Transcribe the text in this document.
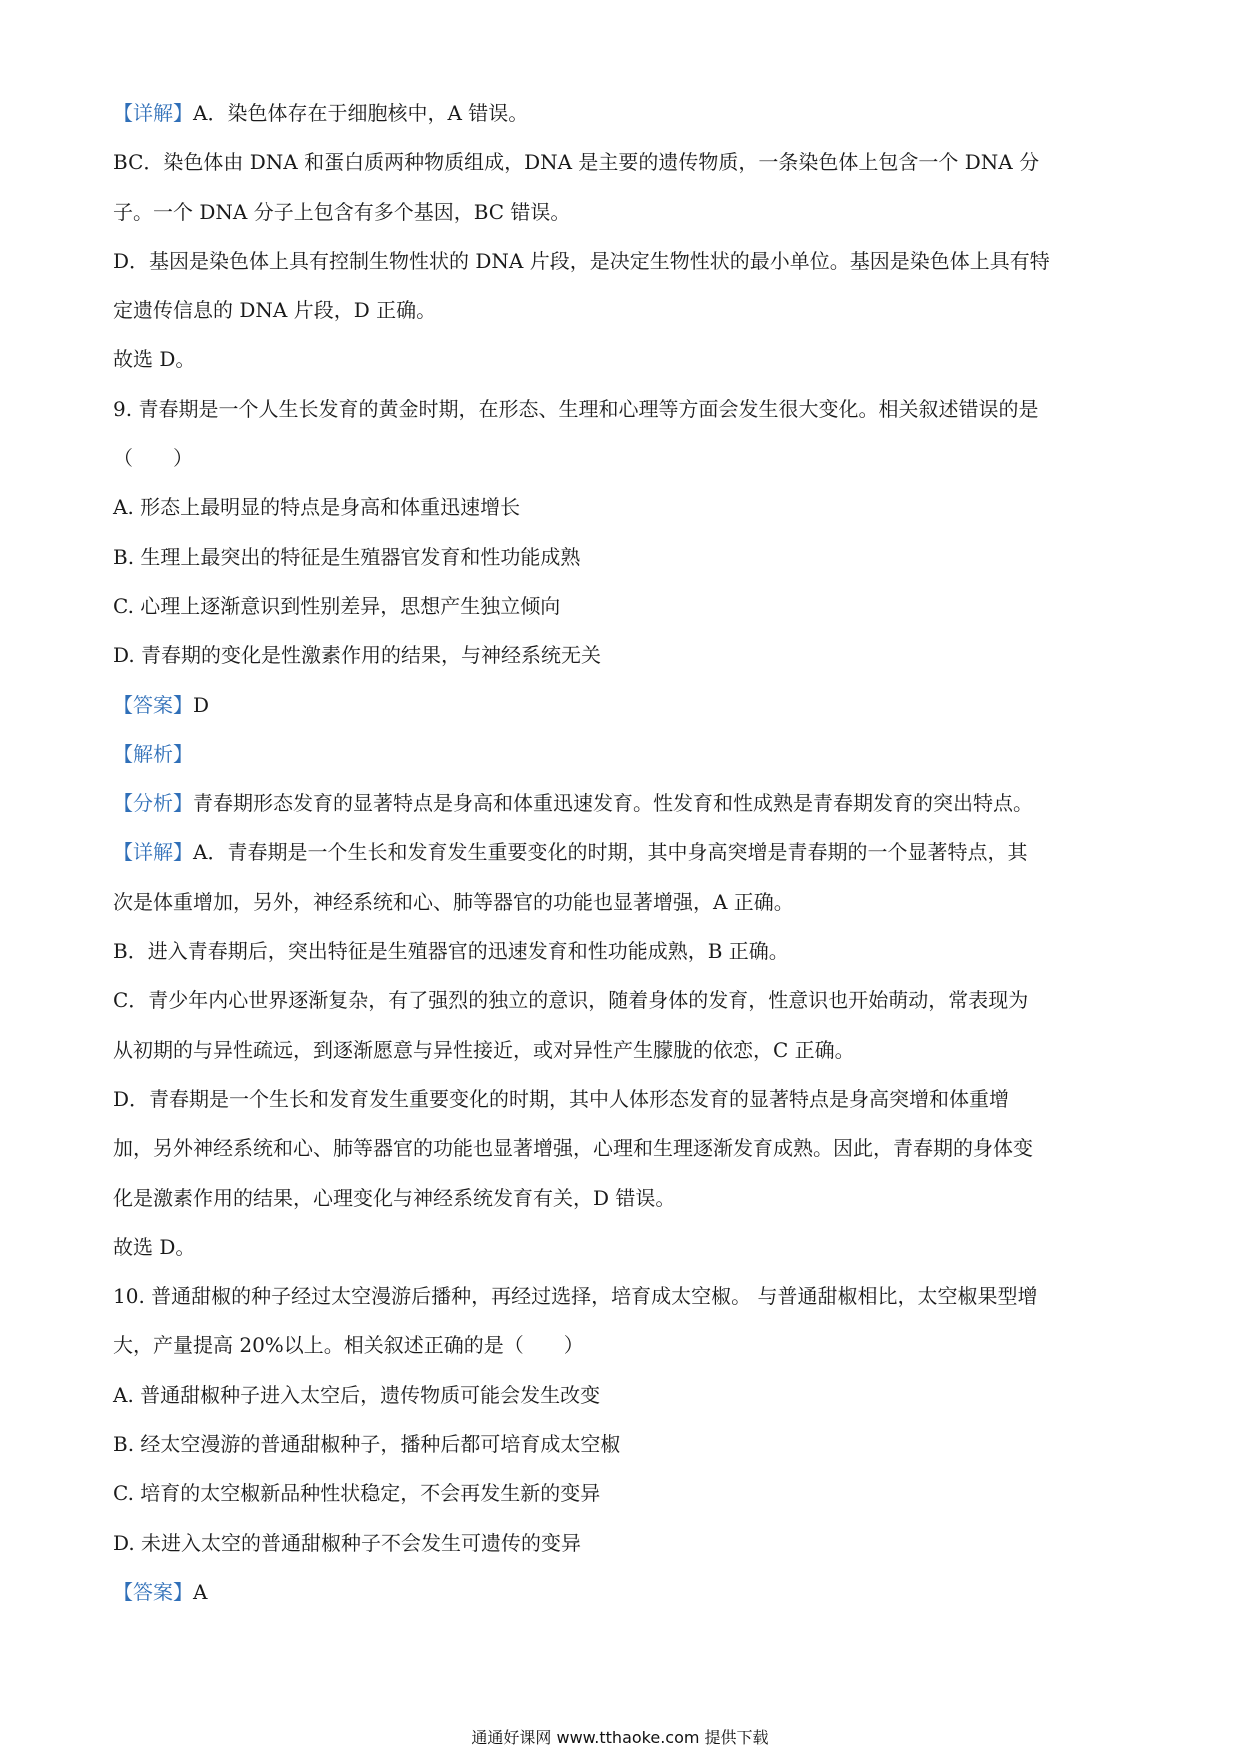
【详解】A．染色体存在于细胞核中，A 错误。
BC．染色体由 DNA 和蛋白质两种物质组成，DNA 是主要的遗传物质，一条染色体上包含一个 DNA 分
子。一个 DNA 分子上包含有多个基因，BC 错误。
D．基因是染色体上具有控制生物性状的 DNA 片段，是决定生物性状的最小单位。基因是染色体上具有特
定遗传信息的 DNA 片段，D 正确。
故选 D。
9. 青春期是一个人生长发育的黄金时期，在形态、生理和心理等方面会发生很大变化。相关叙述错误的是
（　　）
A. 形态上最明显的特点是身高和体重迅速增长
B. 生理上最突出的特征是生殖器官发育和性功能成熟
C. 心理上逐渐意识到性别差异，思想产生独立倾向
D. 青春期的变化是性激素作用的结果，与神经系统无关
【答案】D
【解析】
【分析】青春期形态发育的显著特点是身高和体重迅速发育。性发育和性成熟是青春期发育的突出特点。
【详解】A．青春期是一个生长和发育发生重要变化的时期，其中身高突增是青春期的一个显著特点，其
次是体重增加，另外，神经系统和心、肺等器官的功能也显著增强，A 正确。
B．进入青春期后，突出特征是生殖器官的迅速发育和性功能成熟，B 正确。
C．青少年内心世界逐渐复杂，有了强烈的独立的意识，随着身体的发育，性意识也开始萌动，常表现为
从初期的与异性疏远，到逐渐愿意与异性接近，或对异性产生朦胧的依恋，C 正确。
D．青春期是一个生长和发育发生重要变化的时期，其中人体形态发育的显著特点是身高突增和体重增
加，另外神经系统和心、肺等器官的功能也显著增强，心理和生理逐渐发育成熟。因此，青春期的身体变
化是激素作用的结果，心理变化与神经系统发育有关，D 错误。
故选 D。
10. 普通甜椒的种子经过太空漫游后播种，再经过选择，培育成太空椒。 与普通甜椒相比，太空椒果型增
大，产量提高 20%以上。相关叙述正确的是（　　）
A. 普通甜椒种子进入太空后，遗传物质可能会发生改变
B. 经太空漫游的普通甜椒种子，播种后都可培育成太空椒
C. 培育的太空椒新品种性状稳定，不会再发生新的变异
D. 未进入太空的普通甜椒种子不会发生可遗传的变异
【答案】A
通通好课网 www.tthaoke.com 提供下载
